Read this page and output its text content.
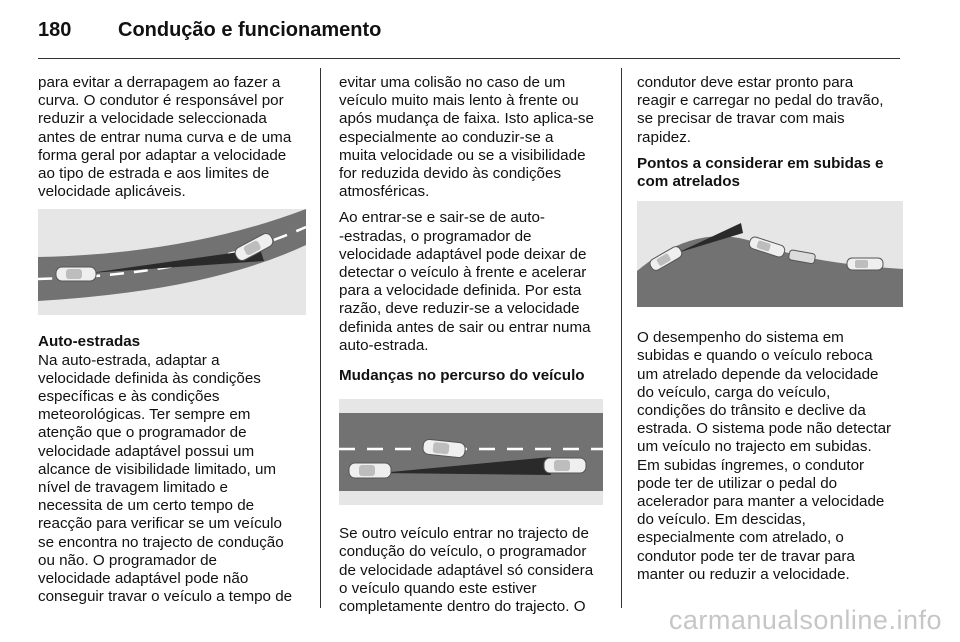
180	Condução e funcionamento

para evitar a derrapagem ao fazer a
curva. O condutor é responsável por
reduzir a velocidade seleccionada
antes de entrar numa curva e de uma
forma geral por adaptar a velocidade
ao tipo de estrada e aos limites de
velocidade aplicáveis.

Auto-estradas

Na auto-estrada, adaptar a
velocidade definida às condições
específicas e às condições
meteorológicas. Ter sempre em
atenção que o programador de
velocidade adaptável possui um
alcance de visibilidade limitado, um
nível de travagem limitado e
necessita de um certo tempo de
reacção para verificar se um veículo
se encontra no trajecto de condução
ou não. O programador de
velocidade adaptável pode não
conseguir travar o veículo a tempo de

evitar uma colisão no caso de um
veículo muito mais lento à frente ou
após mudança de faixa. Isto aplica-se
especialmente ao conduzir-se a
muita velocidade ou se a visibilidade
for reduzida devido às condições
atmosféricas.

Ao entrar-se e sair-se de auto-
-estradas, o programador de
velocidade adaptável pode deixar de
detectar o veículo à frente e acelerar
para a velocidade definida. Por esta
razão, deve reduzir-se a velocidade
definida antes de sair ou entrar numa
auto-estrada.

Mudanças no percurso do veículo

Se outro veículo entrar no trajecto de
condução do veículo, o programador
de velocidade adaptável só considera
o veículo quando este estiver
completamente dentro do trajecto. O

condutor deve estar pronto para
reagir e carregar no pedal do travão,
se precisar de travar com mais
rapidez.

Pontos a considerar em subidas e
com atrelados

O desempenho do sistema em
subidas e quando o veículo reboca
um atrelado depende da velocidade
do veículo, carga do veículo,
condições do trânsito e declive da
estrada. O sistema pode não detectar
um veículo no trajecto em subidas.
Em subidas íngremes, o condutor
pode ter de utilizar o pedal do
acelerador para manter a velocidade
do veículo. Em descidas,
especialmente com atrelado, o
condutor pode ter de travar para
manter ou reduzir a velocidade.

carmanualsonline.info
